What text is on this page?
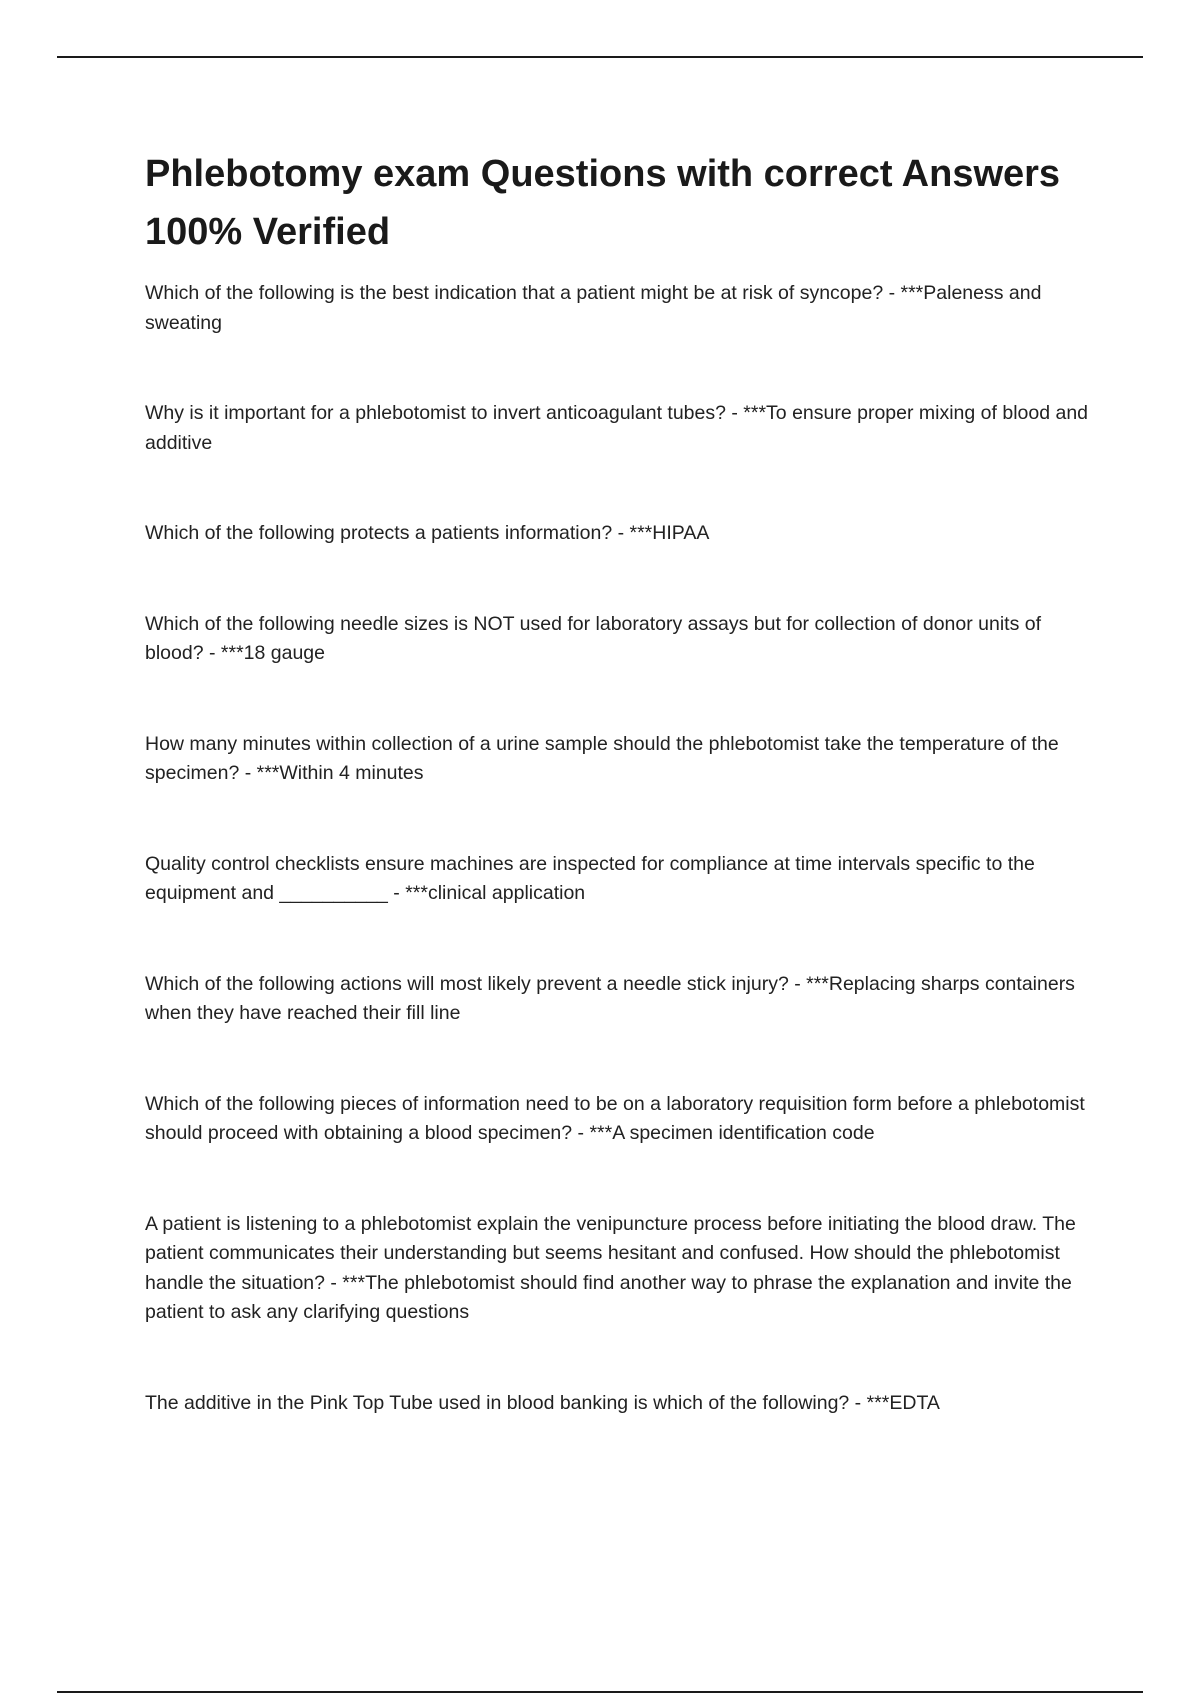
Phlebotomy exam Questions with correct Answers 100% Verified

Which of the following is the best indication that a patient might be at risk of syncope? - ***Paleness and sweating

Why is it important for a phlebotomist to invert anticoagulant tubes? - ***To ensure proper mixing of blood and additive

Which of the following protects a patients information? - ***HIPAA

Which of the following needle sizes is NOT used for laboratory assays but for collection of donor units of blood? - ***18 gauge

How many minutes within collection of a urine sample should the phlebotomist take the temperature of the specimen? - ***Within 4 minutes

Quality control checklists ensure machines are inspected for compliance at time intervals specific to the equipment and __________ - ***clinical application

Which of the following actions will most likely prevent a needle stick injury? - ***Replacing sharps containers when they have reached their fill line

Which of the following pieces of information need to be on a laboratory requisition form before a phlebotomist should proceed with obtaining a blood specimen? - ***A specimen identification code

A patient is listening to a phlebotomist explain the venipuncture process before initiating the blood draw. The patient communicates their understanding but seems hesitant and confused. How should the phlebotomist handle the situation? - ***The phlebotomist should find another way to phrase the explanation and invite the patient to ask any clarifying questions

The additive in the Pink Top Tube used in blood banking is which of the following? - ***EDTA
